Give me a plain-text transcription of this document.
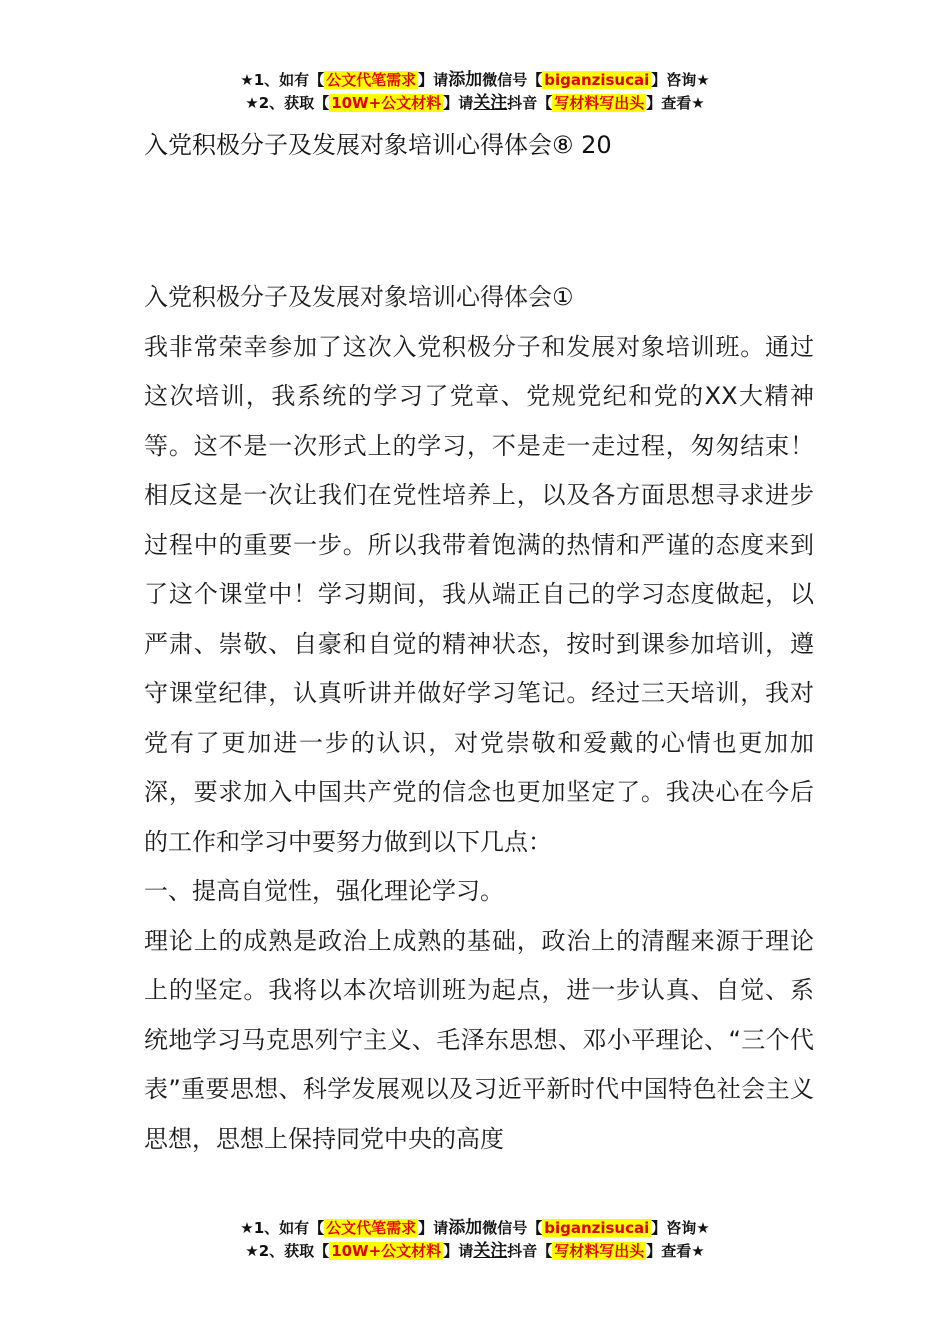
★1、如有【 公文代笔需求 】请添加微信号【 biganzisucai 】咨询★
★2、获取【 10W+公文材料 】请关注抖音【 写材料写出头 】查看★
入党积极分子及发展对象培训心得体会⑧ 20

入党积极分子及发展对象培训心得体会①

我非常荣幸参加了这次入党积极分子和发展对象培训班。通过这次培训，我系统的学习了党章、党规党纪和党的XX大精神等。这不是一次形式上的学习，不是走一走过程，匆匆结束！相反这是一次让我们在党性培养上，以及各方面思想寻求进步过程中的重要一步。所以我带着饱满的热情和严谨的态度来到了这个课堂中！学习期间，我从端正自己的学习态度做起，以严肃、崇敬、自豪和自觉的精神状态，按时到课参加培训，遵守课堂纪律，认真听讲并做好学习笔记。经过三天培训，我对党有了更加进一步的认识，对党崇敬和爱戴的心情也更加加深，要求加入中国共产党的信念也更加坚定了。我决心在今后的工作和学习中要努力做到以下几点：

一、提高自觉性，强化理论学习。

理论上的成熟是政治上成熟的基础，政治上的清醒来源于理论上的坚定。我将以本次培训班为起点，进一步认真、自觉、系统地学习马克思列宁主义、毛泽东思想、邓小平理论、“三个代表”重要思想、科学发展观以及习近平新时代中国特色社会主义思想，思想上保持同党中央的高度

★1、如有【 公文代笔需求 】请添加微信号【 biganzisucai 】咨询★
★2、获取【 10W+公文材料 】请关注抖音【 写材料写出头 】查看★
